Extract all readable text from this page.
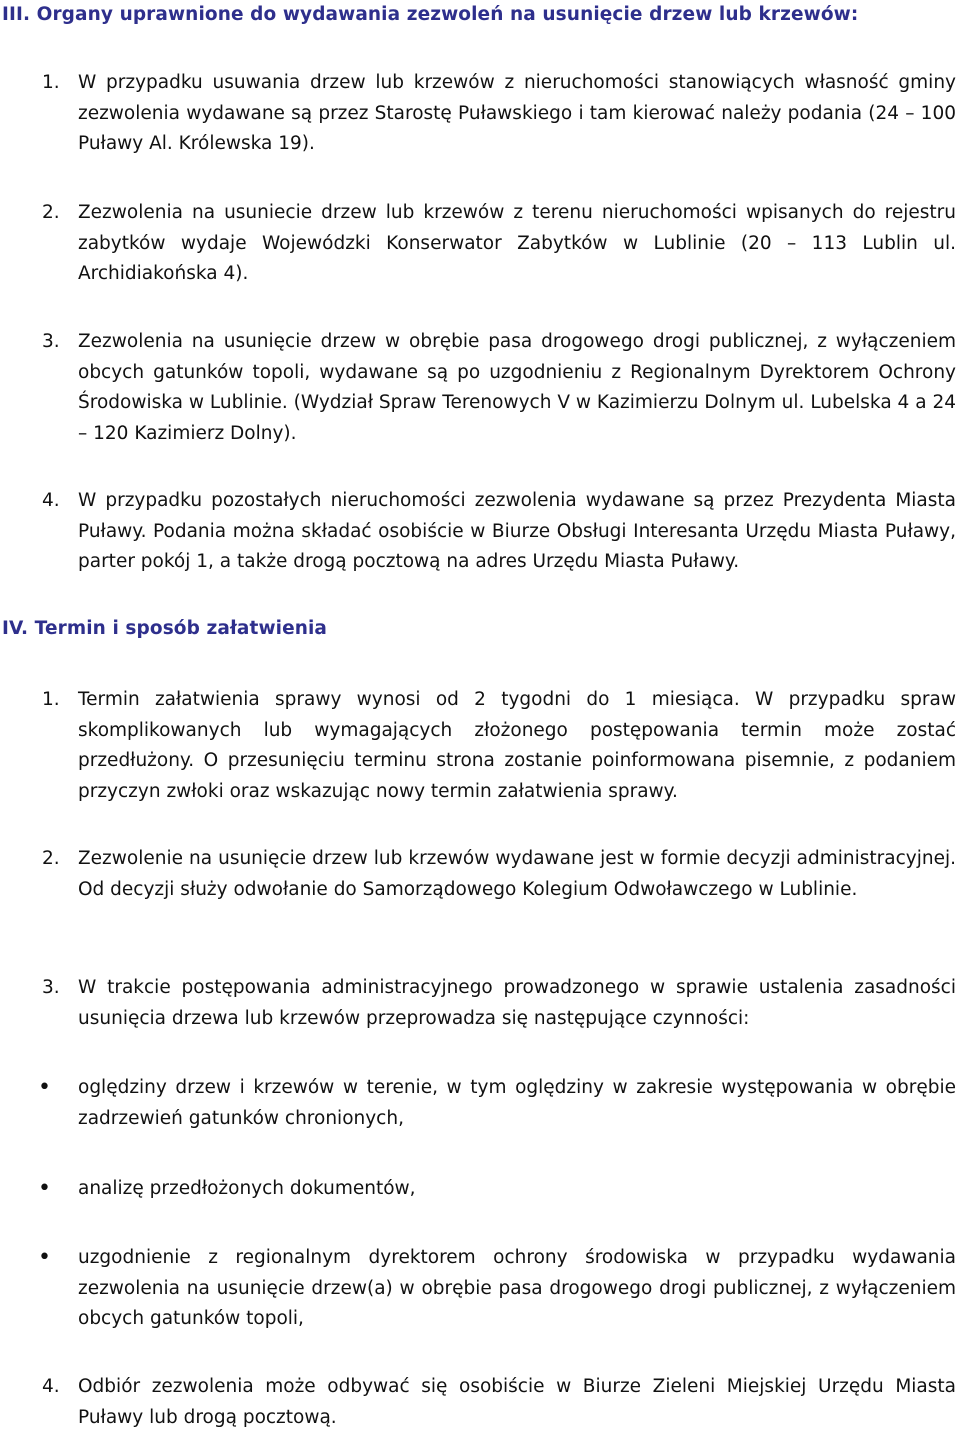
III. Organy uprawnione do wydawania zezwoleń na usunięcie drzew lub krzewów:
1. W przypadku usuwania drzew lub krzewów z nieruchomości stanowiących własność gminy zezwolenia wydawane są przez Starostę Puławskiego i tam kierować należy podania (24 – 100 Puławy Al. Królewska 19).
2. Zezwolenia na usuniecie drzew lub krzewów z terenu nieruchomości wpisanych do rejestru zabytków wydaje Wojewódzki Konserwator Zabytków w Lublinie (20 – 113 Lublin ul. Archidiakońska 4).
3. Zezwolenia na usunięcie drzew w obrębie pasa drogowego drogi publicznej, z wyłączeniem obcych gatunków topoli, wydawane są po uzgodnieniu z Regionalnym Dyrektorem Ochrony Środowiska w Lublinie. (Wydział Spraw Terenowych V w Kazimierzu Dolnym ul. Lubelska 4 a 24 – 120 Kazimierz Dolny).
4. W przypadku pozostałych nieruchomości zezwolenia wydawane są przez Prezydenta Miasta Puławy. Podania można składać osobiście w Biurze Obsługi Interesanta Urzędu Miasta Puławy, parter pokój 1, a także drogą pocztową na adres Urzędu Miasta Puławy.
IV. Termin i sposób załatwienia
1. Termin załatwienia sprawy wynosi od 2 tygodni do 1 miesiąca. W przypadku spraw skomplikowanych lub wymagających złożonego postępowania termin może zostać przedłużony. O przesunięciu terminu strona zostanie poinformowana pisemnie, z podaniem przyczyn zwłoki oraz wskazując nowy termin załatwienia sprawy.
2. Zezwolenie na usunięcie drzew lub krzewów wydawane jest w formie decyzji administracyjnej. Od decyzji służy odwołanie do Samorządowego Kolegium Odwoławczego w Lublinie.
3. W trakcie postępowania administracyjnego prowadzonego w sprawie ustalenia zasadności usunięcia drzewa lub krzewów przeprowadza się następujące czynności:
• oględziny drzew i krzewów w terenie, w tym oględziny w zakresie występowania w obrębie zadrzewień gatunków chronionych,
• analizę przedłożonych dokumentów,
• uzgodnienie z regionalnym dyrektorem ochrony środowiska w przypadku wydawania zezwolenia na usunięcie drzew(a) w obrębie pasa drogowego drogi publicznej, z wyłączeniem obcych gatunków topoli,
4. Odbiór zezwolenia może odbywać się osobiście w Biurze Zieleni Miejskiej Urzędu Miasta Puławy lub drogą pocztową.
